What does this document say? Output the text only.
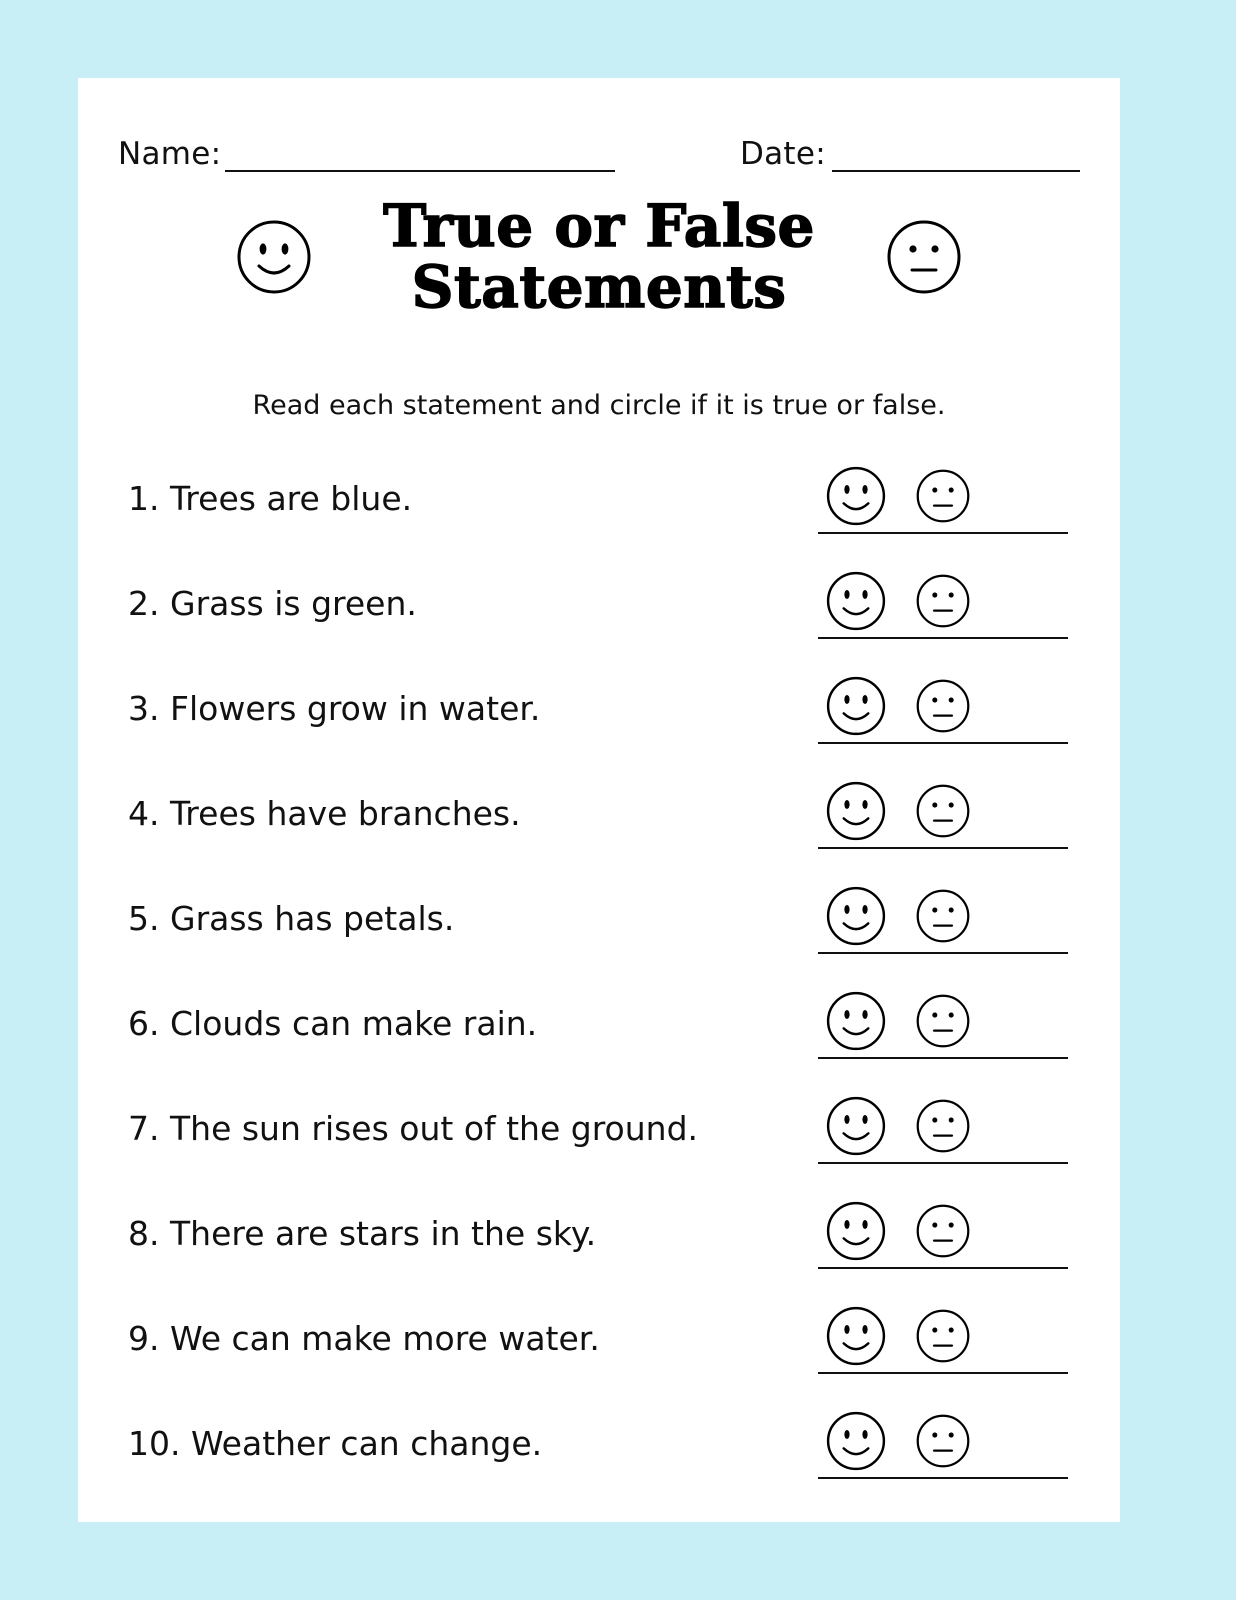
Name:	Date:
True or False Statements
Read each statement and circle if it is true or false.
1. Trees are blue.
2. Grass is green.
3. Flowers grow in water.
4. Trees have branches.
5. Grass has petals.
6. Clouds can make rain.
7. The sun rises out of the ground.
8. There are stars in the sky.
9. We can make more water.
10. Weather can change.
